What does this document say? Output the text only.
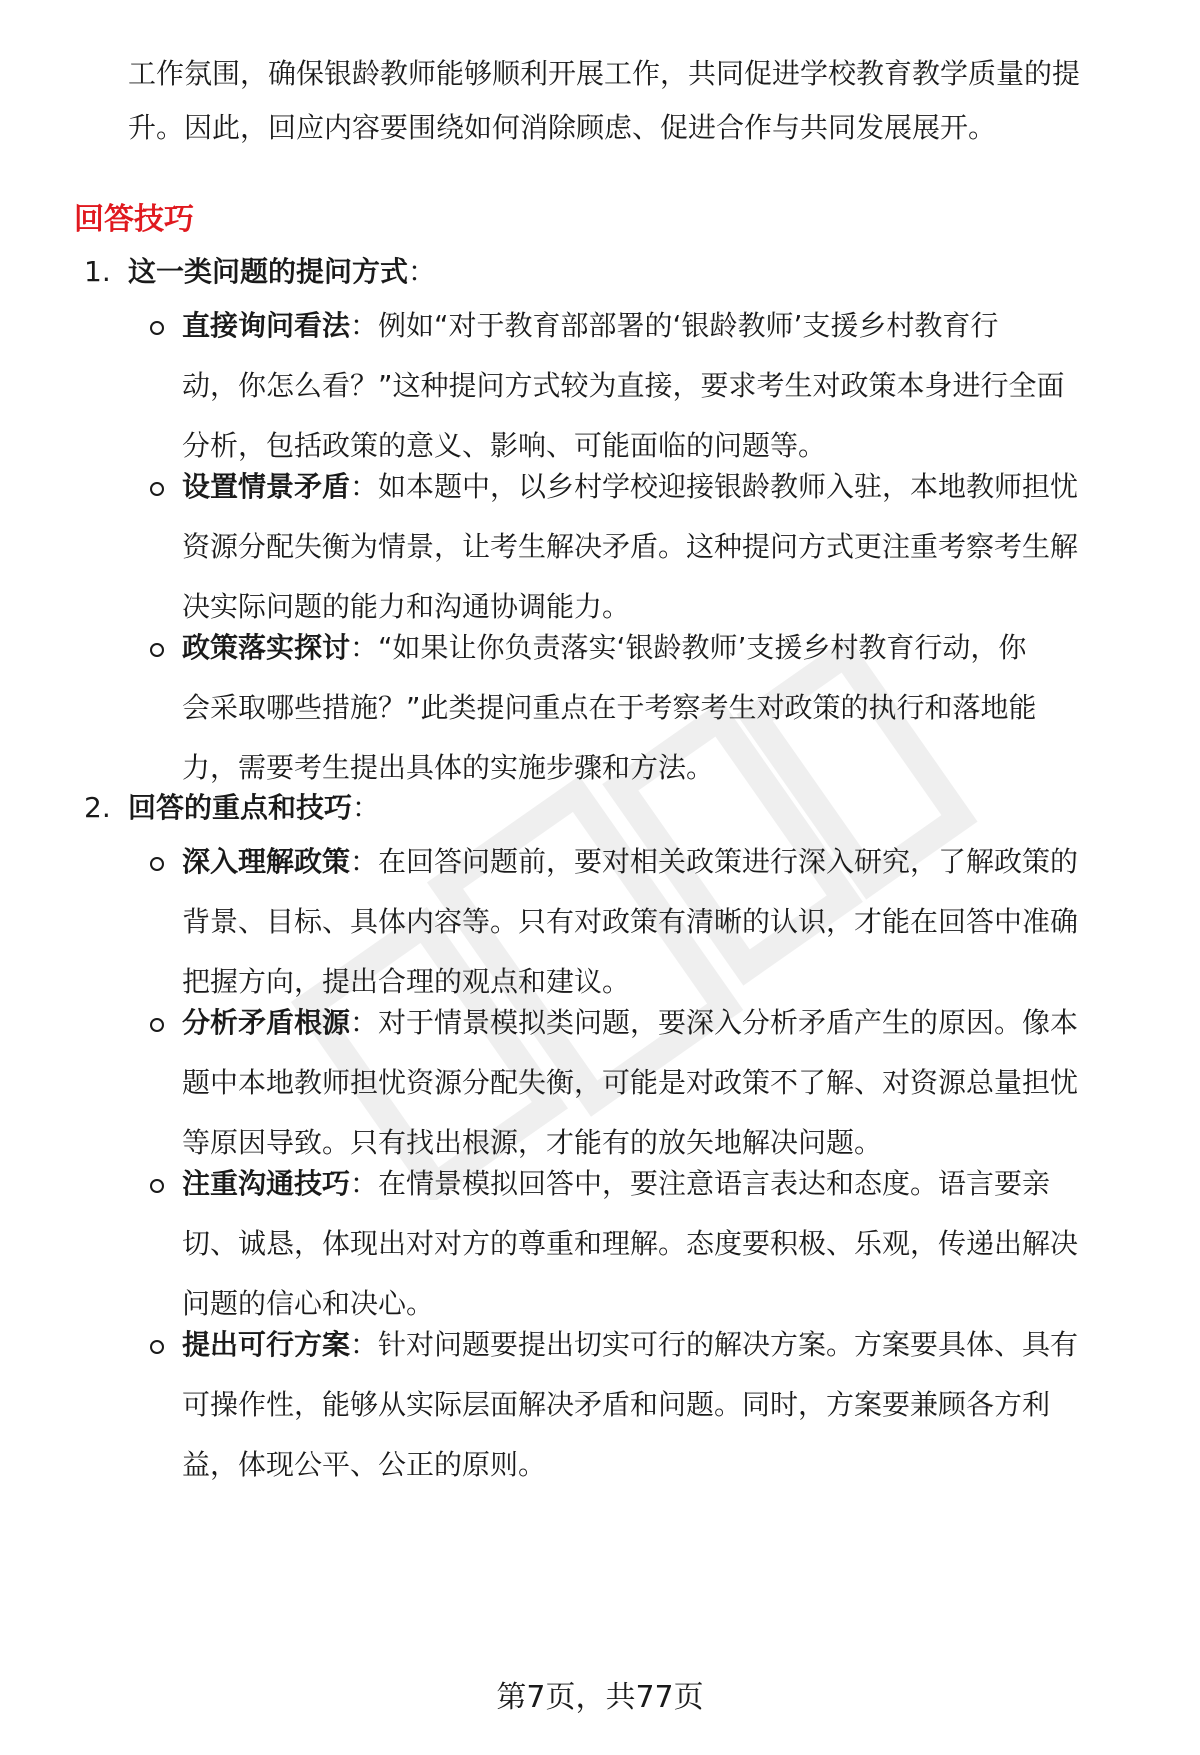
工作氛围，确保银龄教师能够顺利开展工作，共同促进学校教育教学质量的提

升。因此，回应内容要围绕如何消除顾虑、促进合作与共同发展展开。

回答技巧
1. 这一类问题的提问方式：
直接询问看法：例如“对于教育部部署的‘银龄教师’支援乡村教育行
动，你怎么看？”这种提问方式较为直接，要求考生对政策本身进行全面
分析，包括政策的意义、影响、可能面临的问题等。
设置情景矛盾：如本题中，以乡村学校迎接银龄教师入驻，本地教师担忧
资源分配失衡为情景，让考生解决矛盾。这种提问方式更注重考察考生解
决实际问题的能力和沟通协调能力。
政策落实探讨：“如果让你负责落实‘银龄教师’支援乡村教育行动，你
会采取哪些措施？”此类提问重点在于考察考生对政策的执行和落地能
力，需要考生提出具体的实施步骤和方法。
2. 回答的重点和技巧：
深入理解政策：在回答问题前，要对相关政策进行深入研究，了解政策的
背景、目标、具体内容等。只有对政策有清晰的认识，才能在回答中准确
把握方向，提出合理的观点和建议。
分析矛盾根源：对于情景模拟类问题，要深入分析矛盾产生的原因。像本
题中本地教师担忧资源分配失衡，可能是对政策不了解、对资源总量担忧
等原因导致。只有找出根源，才能有的放矢地解决问题。
注重沟通技巧：在情景模拟回答中，要注意语言表达和态度。语言要亲
切、诚恳，体现出对对方的尊重和理解。态度要积极、乐观，传递出解决
问题的信心和决心。
提出可行方案：针对问题要提出切实可行的解决方案。方案要具体、具有
可操作性，能够从实际层面解决矛盾和问题。同时，方案要兼顾各方利
益，体现公平、公正的原则。
第7页，共77页
